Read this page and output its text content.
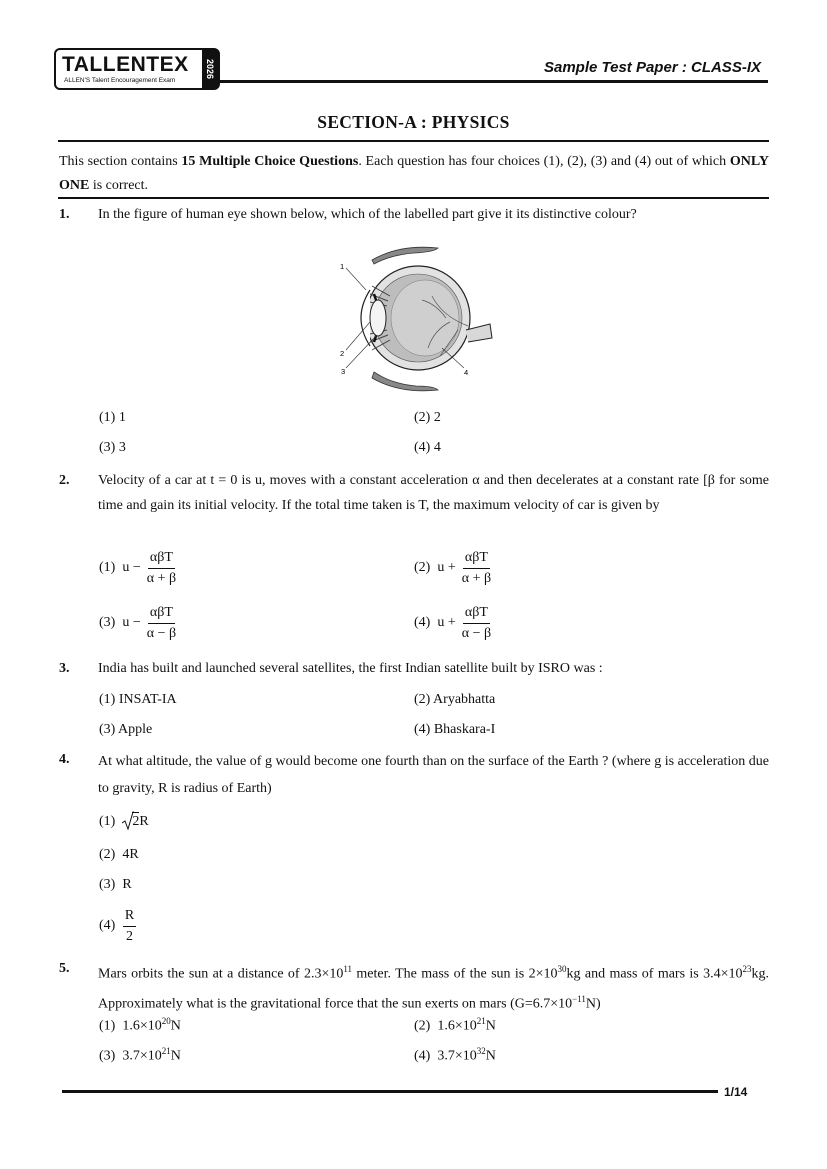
TALLENTEX
ALLEN'S Talent Encouragement Exam
2026	Sample Test Paper : CLASS-IX
SECTION-A : PHYSICS
This section contains 15 Multiple Choice Questions. Each question has four choices (1), (2), (3) and (4) out of which ONLY ONE is correct.
1. In the figure of human eye shown below, which of the labelled part give it its distinctive colour?
1
2
3	4
(1) 1	(2) 2
(3) 3	(4) 4
2. Velocity of a car at t = 0 is u, moves with a constant acceleration α and then decelerates at a constant rate [β for some time and gain its initial velocity. If the total time taken is T, the maximum velocity of car is given by
(1) $u - \frac{\text{αβT}}{\alpha + \beta}$	(2) $u + \frac{\text{αβT}}{\alpha + \beta}$
(3) $u - \frac{\text{αβT}}{\alpha - \beta}$	(4) $u + \frac{\text{αβT}}{\alpha - \beta}$
3. India has built and launched several satellites, the first Indian satellite built by ISRO was :
(1) INSAT-IA	(2) Aryabhatta
(3) Apple	(4) Bhaskara-I
4. At what altitude, the value of g would become one fourth than on the surface of the Earth ? (where g is acceleration due to gravity, R is radius of Earth)
(1) 2R
(2) 4R
(3) R
$(4) \frac{R}{2}$
5. Mars orbits the sun at a distance of $2.3\times 10^{11}$ meter. The mass of the sun is $2\times 10^{30}kg$ and mass of mars is $3.4\times 10^{23}kg$. Approximately what is the gravitational force that the sun exerts on mars $(G=6.7\times 10^{-11}N)$
(1) $1.6\times 10^{20}N$	(2) $1.6\times 10^{21}N$
(3) $3.7\times 10^{21}N$	(4) $3.7\times 10^{32}N$
1/14
